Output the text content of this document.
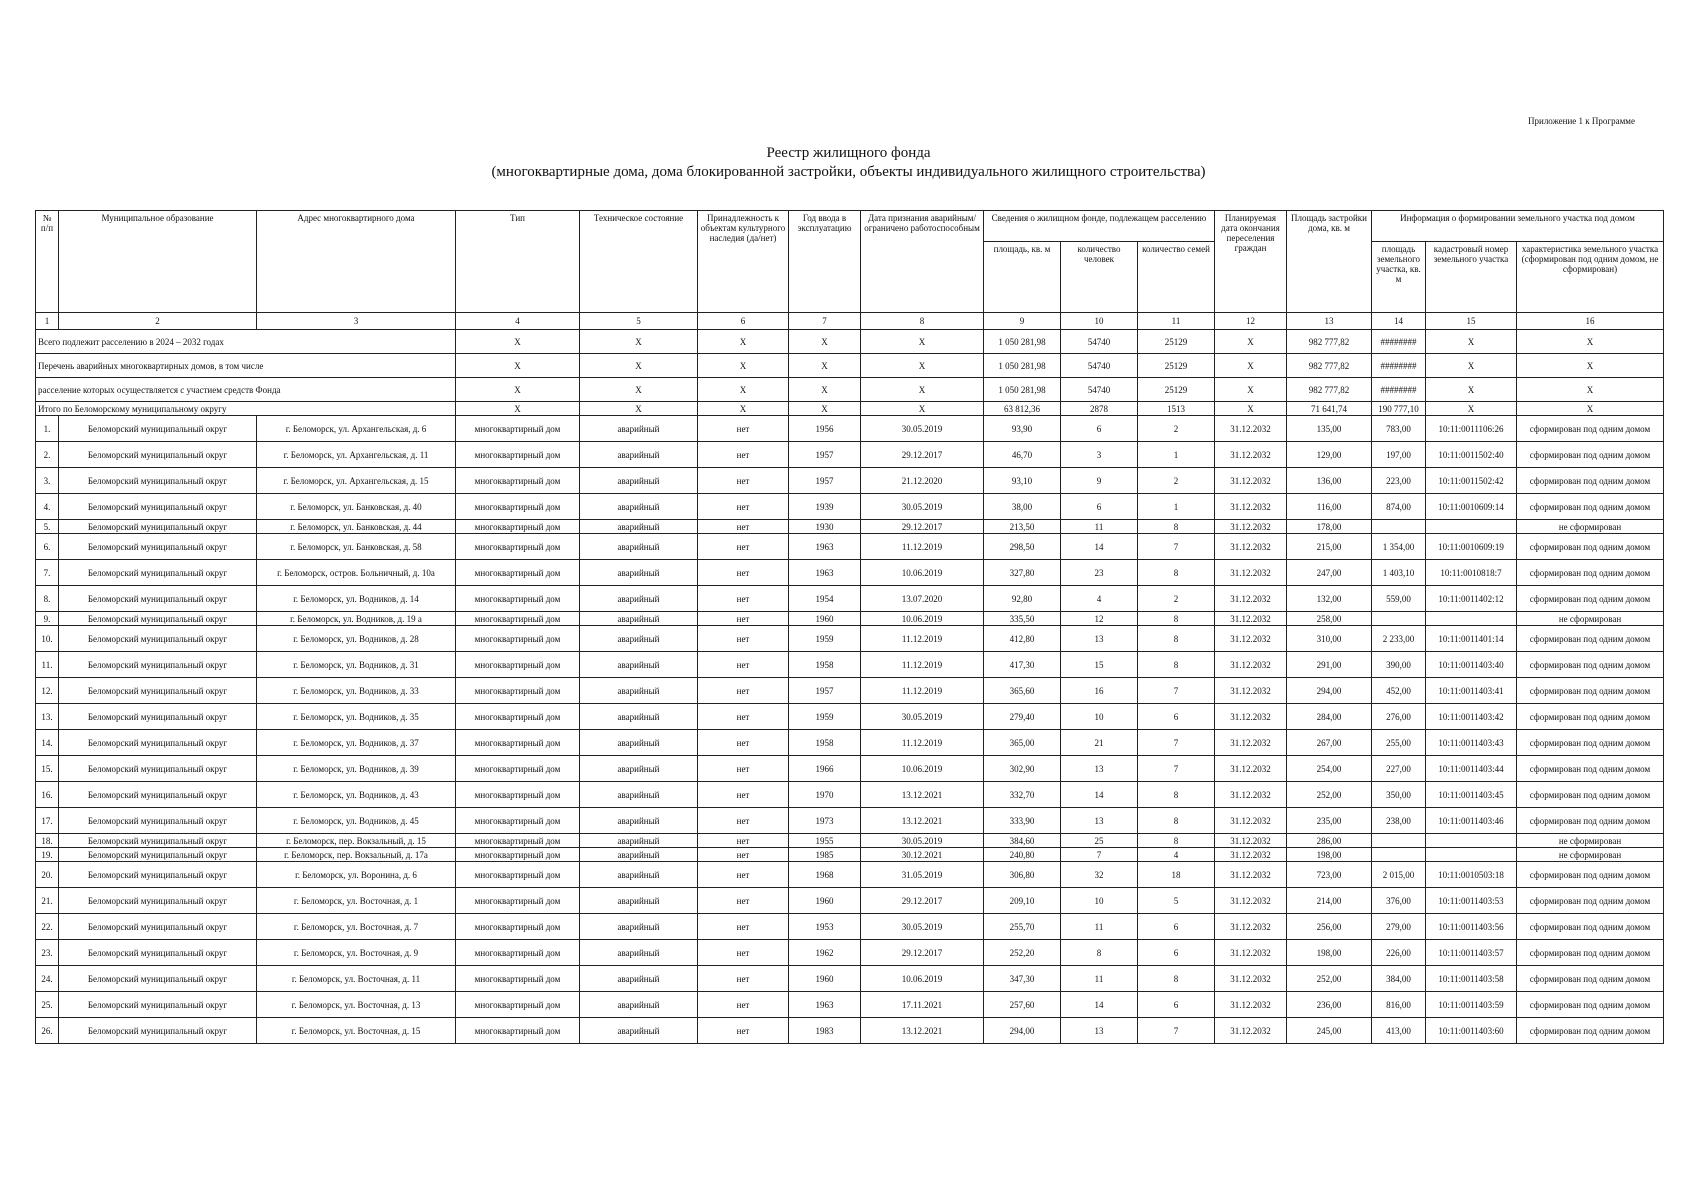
Приложение 1 к Программе
Реестр жилищного фонда
(многоквартирные дома, дома блокированной застройки, объекты индивидуального жилищного строительства)
№ п/п	Муниципальное образование	Адрес многоквартирного дома	Тип	Техническое состояние	Принадлежность к объектам культурного наследия (да/нет)	Год ввода в эксплуатацию	Дата признания аварийным/ограничено работоспособным	Сведения о жилищном фонде, подлежащем расселению			Планируемая дата окончания переселения граждан	Площадь застройки дома, кв. м	Информация о формировании земельного участка под домом		
								площадь, кв. м	количество человек	количество семей			площадь земельного участка, кв. м	кадастровый номер земельного участка	характеристика земельного участка (сформирован под одним домом, не сформирован)
1	2	3	4	5	6	7	8	9	10	11	12	13	14	15	16
Всего подлежит расселению в 2024 – 2032 годах			X	X	X	X	X	1 050 281,98	54740	25129	X	982 777,82	########	X	X
Перечень аварийных многоквартирных домов, в том числе			X	X	X	X	X	1 050 281,98	54740	25129	X	982 777,82	########	X	X
расселение которых осуществляется с участием средств Фонда			X	X	X	X	X	1 050 281,98	54740	25129	X	982 777,82	########	X	X
Итого по Беломорскому муниципальному округу			X	X	X	X	X	63 812,36	2878	1513	X	71 641,74	190 777,10	X	X
1.	Беломорский муниципальный округ	г. Беломорск, ул. Архангельская, д. 6	многоквартирный дом	аварийный	нет	1956	30.05.2019	93,90	6	2	31.12.2032	135,00	783,00	10:11:0011106:26	сформирован под одним домом
2.	Беломорский муниципальный округ	г. Беломорск, ул. Архангельская, д. 11	многоквартирный дом	аварийный	нет	1957	29.12.2017	46,70	3	1	31.12.2032	129,00	197,00	10:11:0011502:40	сформирован под одним домом
3.	Беломорский муниципальный округ	г. Беломорск, ул. Архангельская, д. 15	многоквартирный дом	аварийный	нет	1957	21.12.2020	93,10	9	2	31.12.2032	136,00	223,00	10:11:0011502:42	сформирован под одним домом
4.	Беломорский муниципальный округ	г. Беломорск, ул. Банковская, д. 40	многоквартирный дом	аварийный	нет	1939	30.05.2019	38,00	6	1	31.12.2032	116,00	874,00	10:11:0010609:14	сформирован под одним домом
5.	Беломорский муниципальный округ	г. Беломорск, ул. Банковская, д. 44	многоквартирный дом	аварийный	нет	1930	29.12.2017	213,50	11	8	31.12.2032	178,00			не сформирован
6.	Беломорский муниципальный округ	г. Беломорск, ул. Банковская, д. 58	многоквартирный дом	аварийный	нет	1963	11.12.2019	298,50	14	7	31.12.2032	215,00	1 354,00	10:11:0010609:19	сформирован под одним домом
7.	Беломорский муниципальный округ	г. Беломорск, остров. Больничный, д. 10а	многоквартирный дом	аварийный	нет	1963	10.06.2019	327,80	23	8	31.12.2032	247,00	1 403,10	10:11:0010818:7	сформирован под одним домом
8.	Беломорский муниципальный округ	г. Беломорск, ул. Водников, д. 14	многоквартирный дом	аварийный	нет	1954	13.07.2020	92,80	4	2	31.12.2032	132,00	559,00	10:11:0011402:12	сформирован под одним домом
9.	Беломорский муниципальный округ	г. Беломорск, ул. Водников, д. 19 а	многоквартирный дом	аварийный	нет	1960	10.06.2019	335,50	12	8	31.12.2032	258,00			не сформирован
10.	Беломорский муниципальный округ	г. Беломорск, ул. Водников, д. 28	многоквартирный дом	аварийный	нет	1959	11.12.2019	412,80	13	8	31.12.2032	310,00	2 233,00	10:11:0011401:14	сформирован под одним домом
11.	Беломорский муниципальный округ	г. Беломорск, ул. Водников, д. 31	многоквартирный дом	аварийный	нет	1958	11.12.2019	417,30	15	8	31.12.2032	291,00	390,00	10:11:0011403:40	сформирован под одним домом
12.	Беломорский муниципальный округ	г. Беломорск, ул. Водников, д. 33	многоквартирный дом	аварийный	нет	1957	11.12.2019	365,60	16	7	31.12.2032	294,00	452,00	10:11:0011403:41	сформирован под одним домом
13.	Беломорский муниципальный округ	г. Беломорск, ул. Водников, д. 35	многоквартирный дом	аварийный	нет	1959	30.05.2019	279,40	10	6	31.12.2032	284,00	276,00	10:11:0011403:42	сформирован под одним домом
14.	Беломорский муниципальный округ	г. Беломорск, ул. Водников, д. 37	многоквартирный дом	аварийный	нет	1958	11.12.2019	365,00	21	7	31.12.2032	267,00	255,00	10:11:0011403:43	сформирован под одним домом
15.	Беломорский муниципальный округ	г. Беломорск, ул. Водников, д. 39	многоквартирный дом	аварийный	нет	1966	10.06.2019	302,90	13	7	31.12.2032	254,00	227,00	10:11:0011403:44	сформирован под одним домом
16.	Беломорский муниципальный округ	г. Беломорск, ул. Водников, д. 43	многоквартирный дом	аварийный	нет	1970	13.12.2021	332,70	14	8	31.12.2032	252,00	350,00	10:11:0011403:45	сформирован под одним домом
17.	Беломорский муниципальный округ	г. Беломорск, ул. Водников, д. 45	многоквартирный дом	аварийный	нет	1973	13.12.2021	333,90	13	8	31.12.2032	235,00	238,00	10:11:0011403:46	сформирован под одним домом
18.	Беломорский муниципальный округ	г. Беломорск, пер. Вокзальный, д. 15	многоквартирный дом	аварийный	нет	1955	30.05.2019	384,60	25	8	31.12.2032	286,00			не сформирован
19.	Беломорский муниципальный округ	г. Беломорск, пер. Вокзальный, д. 17а	многоквартирный дом	аварийный	нет	1985	30.12.2021	240,80	7	4	31.12.2032	198,00			не сформирован
20.	Беломорский муниципальный округ	г. Беломорск, ул. Воронина, д. 6	многоквартирный дом	аварийный	нет	1968	31.05.2019	306,80	32	18	31.12.2032	723,00	2 015,00	10:11:0010503:18	сформирован под одним домом
21.	Беломорский муниципальный округ	г. Беломорск, ул. Восточная, д. 1	многоквартирный дом	аварийный	нет	1960	29.12.2017	209,10	10	5	31.12.2032	214,00	376,00	10:11:0011403:53	сформирован под одним домом
22.	Беломорский муниципальный округ	г. Беломорск, ул. Восточная, д. 7	многоквартирный дом	аварийный	нет	1953	30.05.2019	255,70	11	6	31.12.2032	256,00	279,00	10:11:0011403:56	сформирован под одним домом
23.	Беломорский муниципальный округ	г. Беломорск, ул. Восточная, д. 9	многоквартирный дом	аварийный	нет	1962	29.12.2017	252,20	8	6	31.12.2032	198,00	226,00	10:11:0011403:57	сформирован под одним домом
24.	Беломорский муниципальный округ	г. Беломорск, ул. Восточная, д. 11	многоквартирный дом	аварийный	нет	1960	10.06.2019	347,30	11	8	31.12.2032	252,00	384,00	10:11:0011403:58	сформирован под одним домом
25.	Беломорский муниципальный округ	г. Беломорск, ул. Восточная, д. 13	многоквартирный дом	аварийный	нет	1963	17.11.2021	257,60	14	6	31.12.2032	236,00	816,00	10:11:0011403:59	сформирован под одним домом
26.	Беломорский муниципальный округ	г. Беломорск, ул. Восточная, д. 15	многоквартирный дом	аварийный	нет	1983	13.12.2021	294,00	13	7	31.12.2032	245,00	413,00	10:11:0011403:60	сформирован под одним домом
